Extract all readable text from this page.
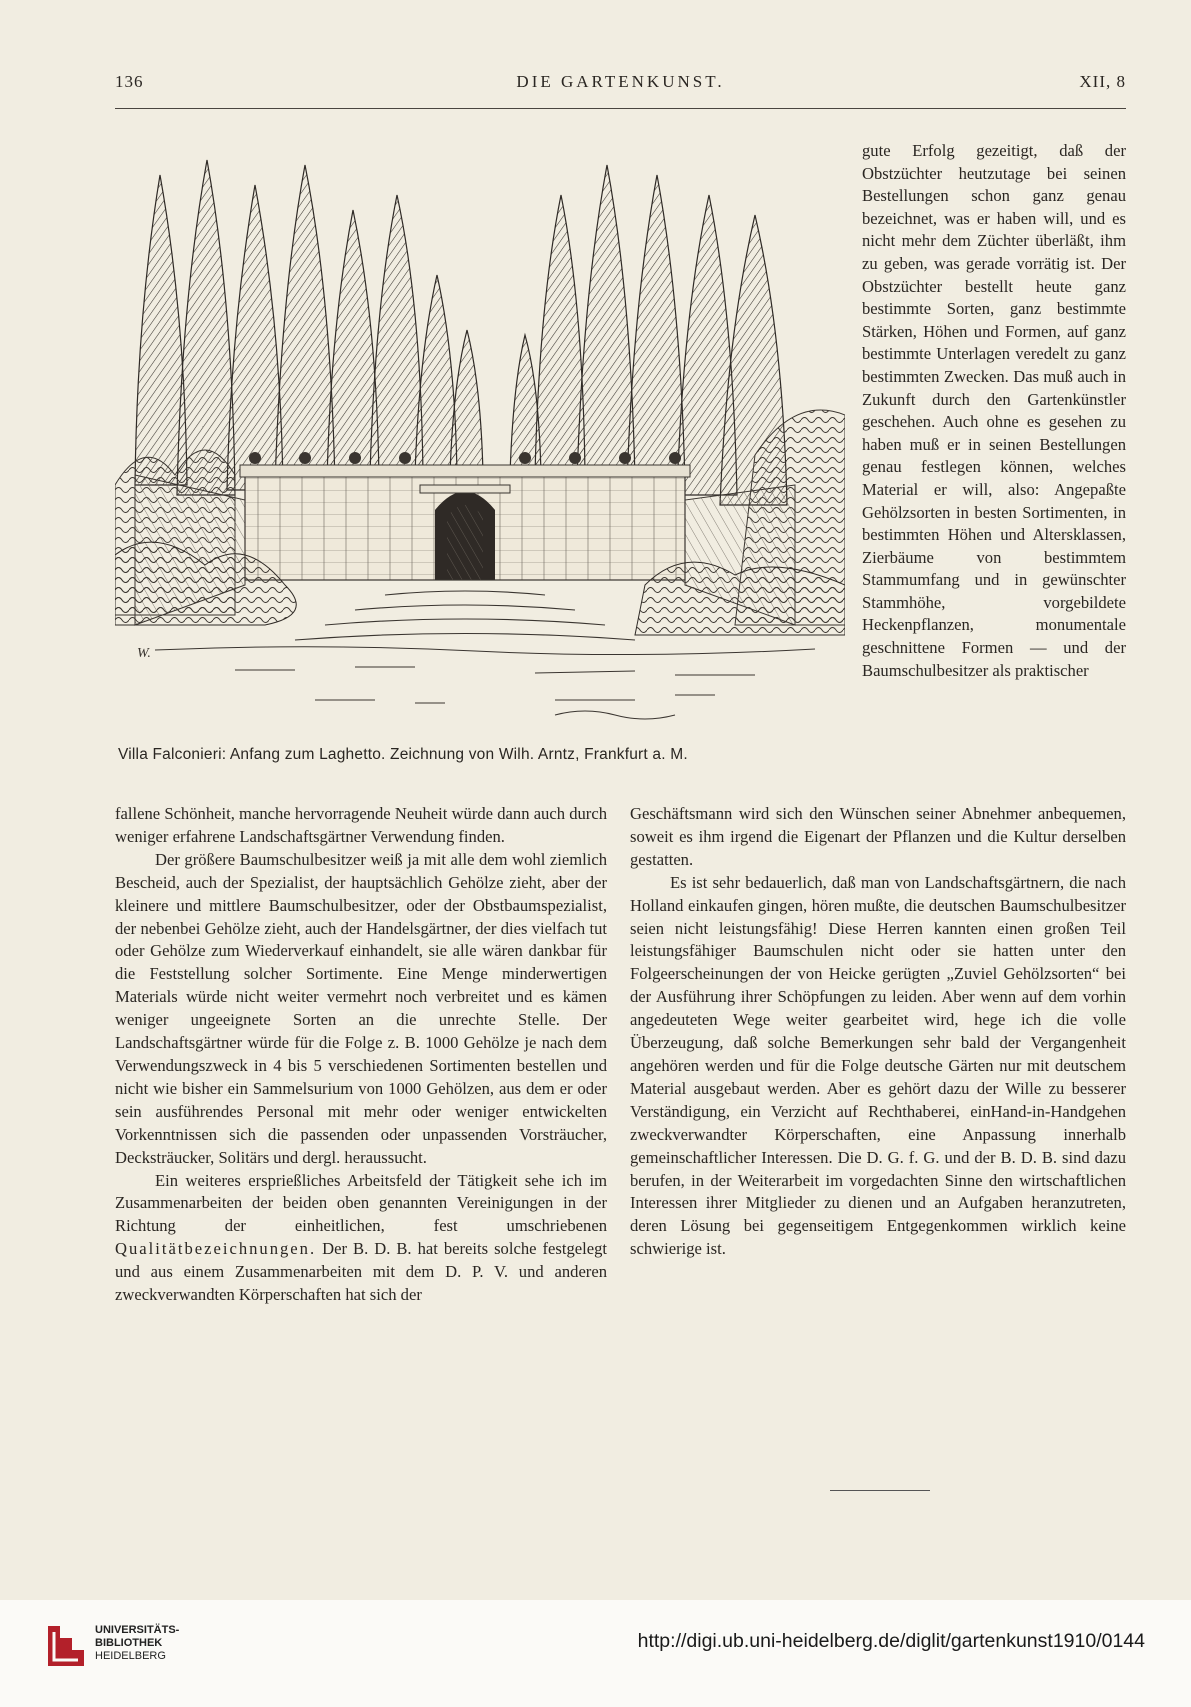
136	DIE GARTENKUNST.	XII, 8
W.
Villa Falconieri: Anfang zum Laghetto. Zeichnung von Wilh. Arntz, Frankfurt a. M.

gute Erfolg gezeitigt, daß der Obstzüchter heutzutage bei seinen Bestellungen schon ganz genau bezeichnet, was er haben will, und es nicht mehr dem Züchter überläßt, ihm zu geben, was gerade vorrätig ist. Der Obstzüchter bestellt heute ganz bestimmte Sorten, ganz bestimmte Stärken, Höhen und Formen, auf ganz bestimmte Unterlagen veredelt zu ganz bestimmten Zwecken. Das muß auch in Zukunft durch den Gartenkünstler geschehen. Auch ohne es gesehen zu haben muß er in seinen Bestellungen genau festlegen können, welches Material er will, also: Angepaßte Gehölzsorten in besten Sortimenten, in bestimmten Höhen und Altersklassen, Zierbäume von bestimmtem Stammumfang und in gewünschter Stammhöhe, vorgebildete Heckenpflanzen, monumentale geschnittene Formen — und der Baumschulbesitzer als praktischer

fallene Schönheit, manche hervorragende Neuheit würde dann auch durch weniger erfahrene Landschaftsgärtner Verwendung finden.

Der größere Baumschulbesitzer weiß ja mit alle dem wohl ziemlich Bescheid, auch der Spezialist, der hauptsächlich Gehölze zieht, aber der kleinere und mittlere Baumschulbesitzer, oder der Obstbaumspezialist, der nebenbei Gehölze zieht, auch der Handelsgärtner, der dies vielfach tut oder Gehölze zum Wiederverkauf einhandelt, sie alle wären dankbar für die Feststellung solcher Sortimente. Eine Menge minderwertigen Materials würde nicht weiter vermehrt noch verbreitet und es kämen weniger ungeeignete Sorten an die unrechte Stelle. Der Landschaftsgärtner würde für die Folge z. B. 1000 Gehölze je nach dem Verwendungszweck in 4 bis 5 verschiedenen Sortimenten bestellen und nicht wie bisher ein Sammelsurium von 1000 Gehölzen, aus dem er oder sein ausführendes Personal mit mehr oder weniger entwickelten Vorkenntnissen sich die passenden oder unpassenden Vorsträucher, Decksträucker, Solitärs und dergl. heraussucht.

Ein weiteres ersprießliches Arbeitsfeld der Tätigkeit sehe ich im Zusammenarbeiten der beiden oben genannten Vereinigungen in der Richtung der einheitlichen, fest umschriebenen Qualitätbezeichnungen. Der B. D. B. hat bereits solche festgelegt und aus einem Zusammenarbeiten mit dem D. P. V. und anderen zweckverwandten Körperschaften hat sich der

Geschäftsmann wird sich den Wünschen seiner Abnehmer anbequemen, soweit es ihm irgend die Eigenart der Pflanzen und die Kultur derselben gestatten.

Es ist sehr bedauerlich, daß man von Landschaftsgärtnern, die nach Holland einkaufen gingen, hören mußte, die deutschen Baumschulbesitzer seien nicht leistungsfähig! Diese Herren kannten einen großen Teil leistungsfähiger Baumschulen nicht oder sie hatten unter den Folgeerscheinungen der von Heicke gerügten „Zuviel Gehölzsorten“ bei der Ausführung ihrer Schöpfungen zu leiden. Aber wenn auf dem vorhin angedeuteten Wege weiter gearbeitet wird, hege ich die volle Überzeugung, daß solche Bemerkungen sehr bald der Vergangenheit angehören werden und für die Folge deutsche Gärten nur mit deutschem Material ausgebaut werden. Aber es gehört dazu der Wille zu besserer Verständigung, ein Verzicht auf Rechthaberei, einHand-in-Handgehen zweckverwandter Körperschaften, eine Anpassung innerhalb gemeinschaftlicher Interessen. Die D. G. f. G. und der B. D. B. sind dazu berufen, in der Weiterarbeit im vorgedachten Sinne den wirtschaftlichen Interessen ihrer Mitglieder zu dienen und an Aufgaben heranzutreten, deren Lösung bei gegenseitigem Entgegenkommen wirklich keine schwierige ist.

UNIVERSITÄTS-
BIBLIOTHEK
HEIDELBERG
http://digi.ub.uni-heidelberg.de/diglit/gartenkunst1910/0144
